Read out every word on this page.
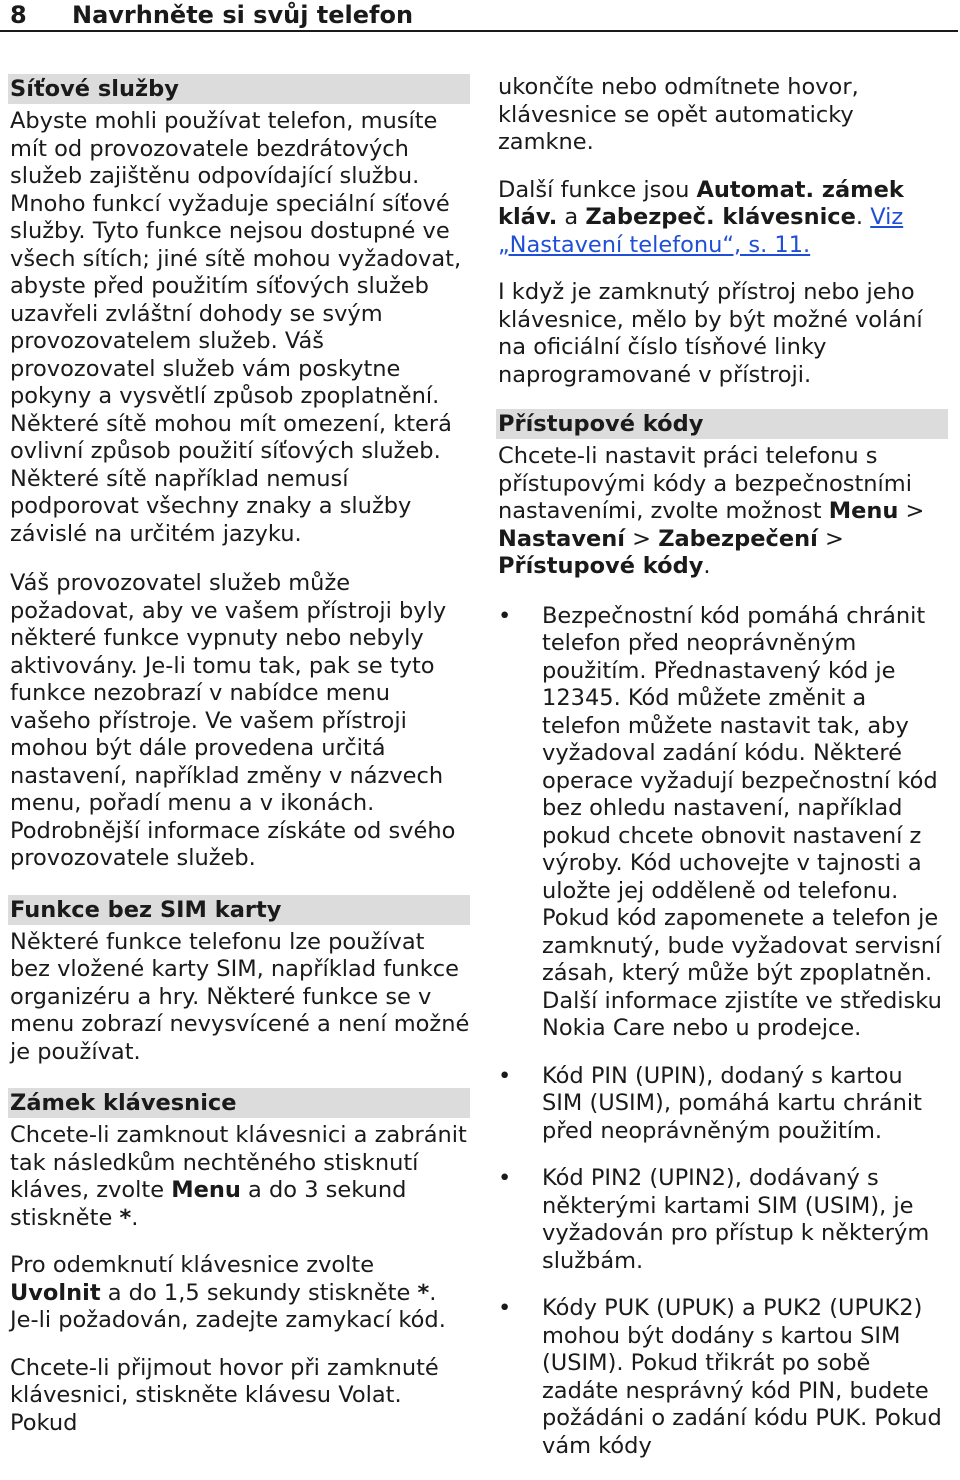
8 Navrhněte si svůj telefon
Síťové služby

Abyste mohli používat telefon, musíte mít od provozovatele bezdrátových služeb zajištěnu odpovídající službu. Mnoho funkcí vyžaduje speciální síťové služby. Tyto funkce nejsou dostupné ve všech sítích; jiné sítě mohou vyžadovat, abyste před použitím síťových služeb uzavřeli zvláštní dohody se svým provozovatelem služeb. Váš provozovatel služeb vám poskytne pokyny a vysvětlí způsob zpoplatnění. Některé sítě mohou mít omezení, která ovlivní způsob použití síťových služeb. Některé sítě například nemusí podporovat všechny znaky a služby závislé na určitém jazyku.

Váš provozovatel služeb může požadovat, aby ve vašem přístroji byly některé funkce vypnuty nebo nebyly aktivovány. Je-li tomu tak, pak se tyto funkce nezobrazí v nabídce menu vašeho přístroje. Ve vašem přístroji mohou být dále provedena určitá nastavení, například změny v názvech menu, pořadí menu a v ikonách. Podrobnější informace získáte od svého provozovatele služeb.

Funkce bez SIM karty

Některé funkce telefonu lze používat bez vložené karty SIM, například funkce organizéru a hry. Některé funkce se v menu zobrazí nevysvícené a není možné je používat.

Zámek klávesnice

Chcete-li zamknout klávesnici a zabránit tak následkům nechtěného stisknutí kláves, zvolte Menu a do 3 sekund stiskněte *.

Pro odemknutí klávesnice zvolte Uvolnit a do 1,5 sekundy stiskněte *. Je-li požadován, zadejte zamykací kód.

Chcete-li přijmout hovor při zamknuté klávesnici, stiskněte klávesu Volat. Pokud

ukončíte nebo odmítnete hovor, klávesnice se opět automaticky zamkne.

Další funkce jsou Automat. zámek kláv. a Zabezpeč. klávesnice. Viz „Nastavení telefonu“, s. 11.

I když je zamknutý přístroj nebo jeho klávesnice, mělo by být možné volání na oficiální číslo tísňové linky naprogramované v přístroji.

Přístupové kódy

Chcete-li nastavit práci telefonu s přístupovými kódy a bezpečnostními nastaveními, zvolte možnost Menu > Nastavení > Zabezpečení > Přístupové kódy.

• Bezpečnostní kód pomáhá chránit telefon před neoprávněným použitím. Přednastavený kód je 12345. Kód můžete změnit a telefon můžete nastavit tak, aby vyžadoval zadání kódu. Některé operace vyžadují bezpečnostní kód bez ohledu nastavení, například pokud chcete obnovit nastavení z výroby. Kód uchovejte v tajnosti a uložte jej odděleně od telefonu. Pokud kód zapomenete a telefon je zamknutý, bude vyžadovat servisní zásah, který může být zpoplatněn. Další informace zjistíte ve středisku Nokia Care nebo u prodejce.
• Kód PIN (UPIN), dodaný s kartou SIM (USIM), pomáhá kartu chránit před neoprávněným použitím.
• Kód PIN2 (UPIN2), dodávaný s některými kartami SIM (USIM), je vyžadován pro přístup k některým službám.
• Kódy PUK (UPUK) a PUK2 (UPUK2) mohou být dodány s kartou SIM (USIM). Pokud třikrát po sobě zadáte nesprávný kód PIN, budete požádáni o zadání kódu PUK. Pokud vám kódy
